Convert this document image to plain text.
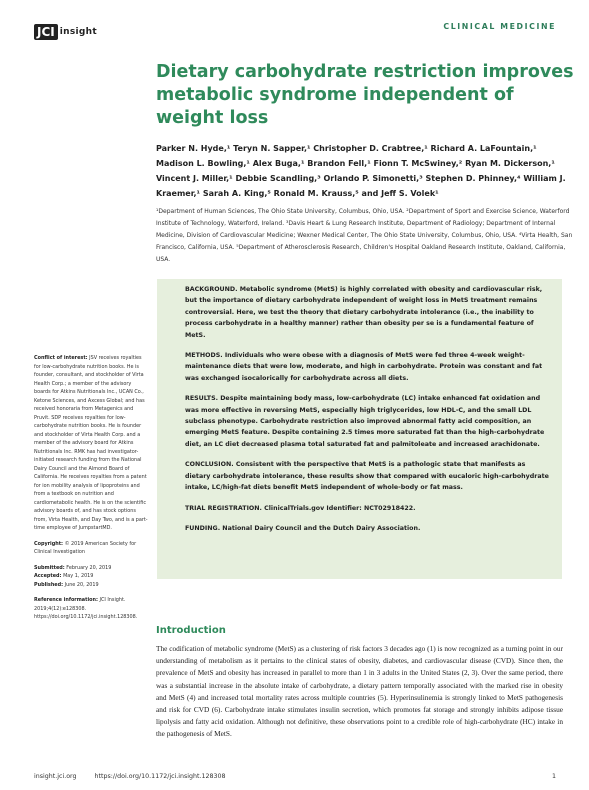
JCI insight	CLINICAL MEDICINE
Dietary carbohydrate restriction improves metabolic syndrome independent of weight loss

Parker N. Hyde,¹ Teryn N. Sapper,¹ Christopher D. Crabtree,¹ Richard A. LaFountain,¹ Madison L. Bowling,¹ Alex Buga,¹ Brandon Fell,¹ Fionn T. McSwiney,² Ryan M. Dickerson,¹ Vincent J. Miller,¹ Debbie Scandling,³ Orlando P. Simonetti,³ Stephen D. Phinney,⁴ William J. Kraemer,¹ Sarah A. King,⁵ Ronald M. Krauss,⁵ and Jeff S. Volek¹

¹Department of Human Sciences, The Ohio State University, Columbus, Ohio, USA. ²Department of Sport and Exercise Science, Waterford Institute of Technology, Waterford, Ireland. ³Davis Heart & Lung Research Institute, Department of Radiology; Department of Internal Medicine, Division of Cardiovascular Medicine; Wexner Medical Center, The Ohio State University, Columbus, Ohio, USA. ⁴Virta Health, San Francisco, California, USA. ⁵Department of Atherosclerosis Research, Children's Hospital Oakland Research Institute, Oakland, California, USA.

BACKGROUND. Metabolic syndrome (MetS) is highly correlated with obesity and cardiovascular risk, but the importance of dietary carbohydrate independent of weight loss in MetS treatment remains controversial. Here, we test the theory that dietary carbohydrate intolerance (i.e., the inability to process carbohydrate in a healthy manner) rather than obesity per se is a fundamental feature of MetS.

METHODS. Individuals who were obese with a diagnosis of MetS were fed three 4-week weight-maintenance diets that were low, moderate, and high in carbohydrate. Protein was constant and fat was exchanged isocalorically for carbohydrate across all diets.

RESULTS. Despite maintaining body mass, low-carbohydrate (LC) intake enhanced fat oxidation and was more effective in reversing MetS, especially high triglycerides, low HDL-C, and the small LDL subclass phenotype. Carbohydrate restriction also improved abnormal fatty acid composition, an emerging MetS feature. Despite containing 2.5 times more saturated fat than the high-carbohydrate diet, an LC diet decreased plasma total saturated fat and palmitoleate and increased arachidonate.

CONCLUSION. Consistent with the perspective that MetS is a pathologic state that manifests as dietary carbohydrate intolerance, these results show that compared with eucaloric high-carbohydrate intake, LC/high-fat diets benefit MetS independent of whole-body or fat mass.

TRIAL REGISTRATION. ClinicalTrials.gov Identifier: NCT02918422.

FUNDING. National Dairy Council and the Dutch Dairy Association.

Conflict of interest: JSV receives royalties for low-carbohydrate nutrition books. He is founder, consultant, and stockholder of Virta Health Corp.; a member of the advisory boards for Atkins Nutritionals Inc., UCAN Co., Ketone Sciences, and Axcess Global; and has received honoraria from Metagenics and Pruvit. SDP receives royalties for low-carbohydrate nutrition books. He is founder and stockholder of Virta Health Corp. and a member of the advisory board for Atkins Nutritionals Inc. RMK has had investigator-initiated research funding from the National Dairy Council and the Almond Board of California. He receives royalties from a patent for ion mobility analysis of lipoproteins and from a textbook on nutrition and cardiometabolic health. He is on the scientific advisory boards of, and has stock options from, Virta Health, and Day Two, and is a part-time employee of JumpstartMD.

Copyright: © 2019 American Society for Clinical Investigation

Submitted: February 20, 2019
Accepted: May 1, 2019
Published: June 20, 2019

Reference information: JCI Insight. 2019;4(12):e128308. https://doi.org/10.1172/jci.insight.128308.

Introduction

The codification of metabolic syndrome (MetS) as a clustering of risk factors 3 decades ago (1) is now recognized as a turning point in our understanding of metabolism as it pertains to the clinical states of obesity, diabetes, and cardiovascular disease (CVD). Since then, the prevalence of MetS and obesity has increased in parallel to more than 1 in 3 adults in the United States (2, 3). Over the same period, there was a substantial increase in the absolute intake of carbohydrate, a dietary pattern temporally associated with the marked rise in obesity and MetS (4) and increased total mortality rates across multiple countries (5). Hyperinsulinemia is strongly linked to MetS pathogenesis and risk for CVD (6). Carbohydrate intake stimulates insulin secretion, which promotes fat storage and strongly inhibits adipose tissue lipolysis and fatty acid oxidation. Although not definitive, these observations point to a credible role of high-carbohydrate (HC) intake in the pathogenesis of MetS.

insight.jci.org	https://doi.org/10.1172/jci.insight.128308	1
